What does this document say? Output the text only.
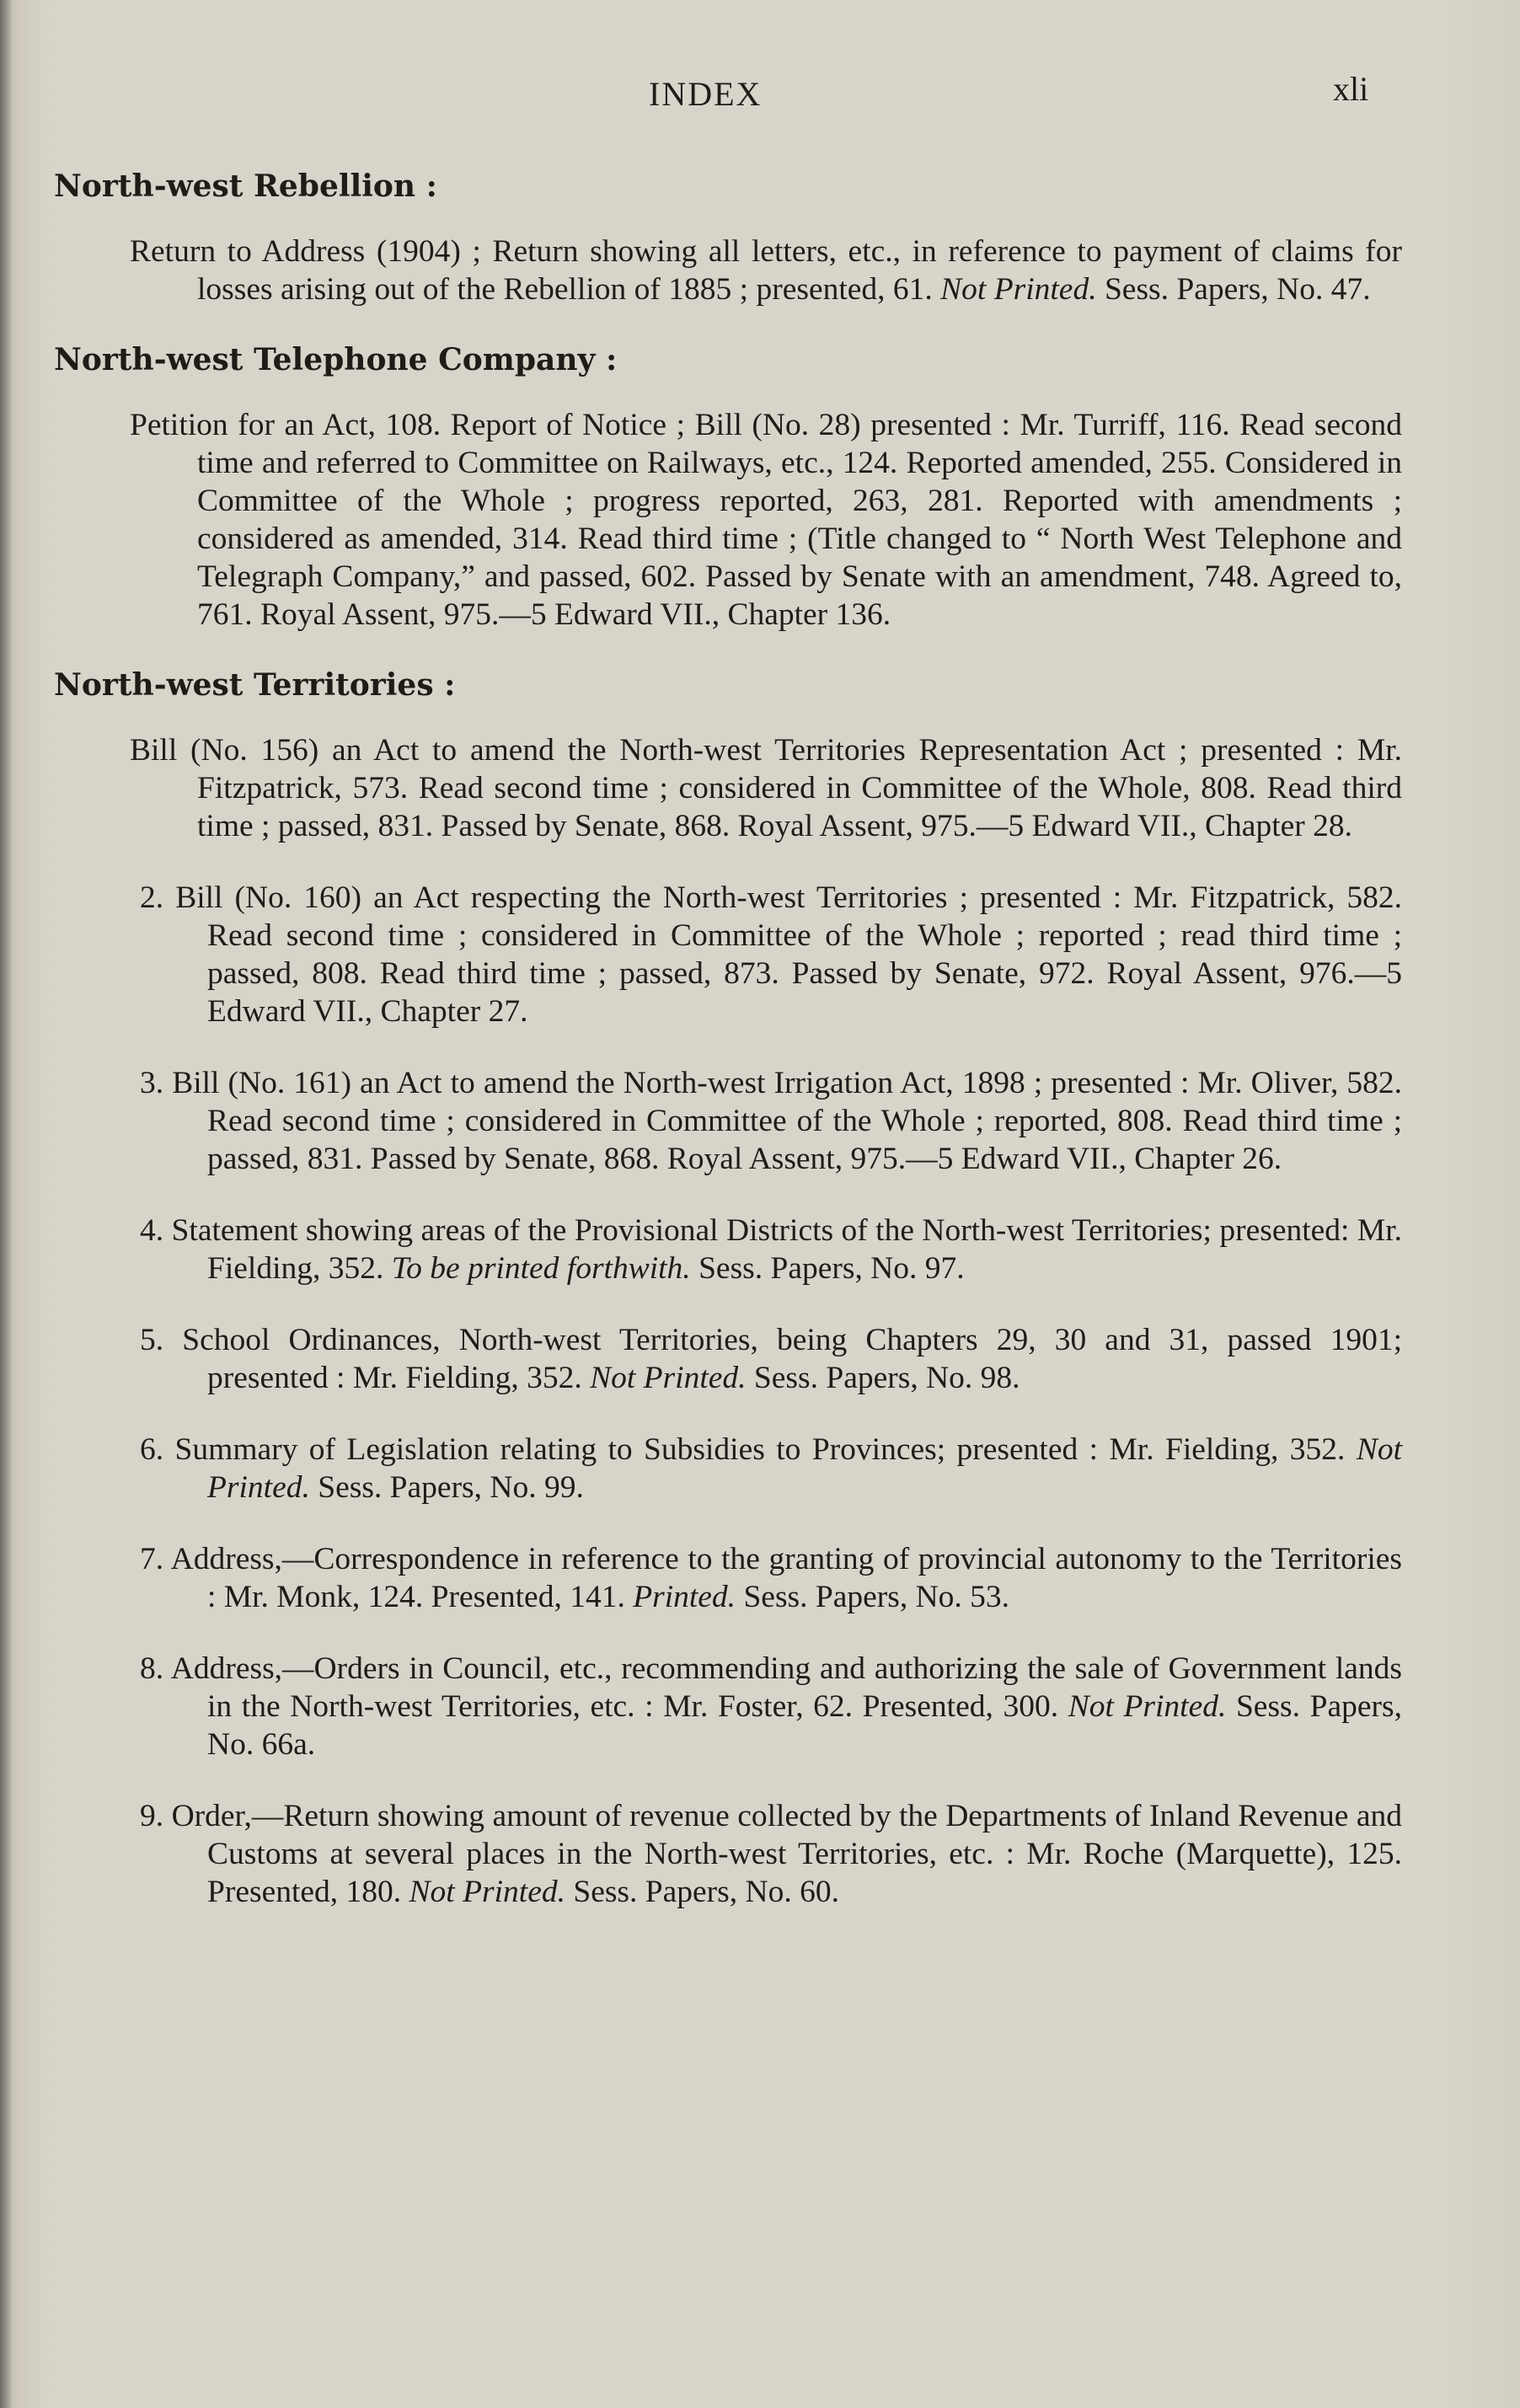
INDEX	xli
North-west Rebellion :
Return to Address (1904) ; Return showing all letters, etc., in reference to payment of claims for losses arising out of the Rebellion of 1885 ; presented, 61. Not Printed. Sess. Papers, No. 47.
North-west Telephone Company :
Petition for an Act, 108. Report of Notice ; Bill (No. 28) presented : Mr. Turriff, 116. Read second time and referred to Committee on Railways, etc., 124. Reported amended, 255. Considered in Committee of the Whole ; progress reported, 263, 281. Reported with amendments ; considered as amended, 314. Read third time ; (Title changed to “ North West Telephone and Telegraph Company,” and passed, 602. Passed by Senate with an amendment, 748. Agreed to, 761. Royal Assent, 975.—5 Edward VII., Chapter 136.
North-west Territories :
Bill (No. 156) an Act to amend the North-west Territories Representation Act ; presented : Mr. Fitzpatrick, 573. Read second time ; considered in Committee of the Whole, 808. Read third time ; passed, 831. Passed by Senate, 868. Royal Assent, 975.—5 Edward VII., Chapter 28.
2. Bill (No. 160) an Act respecting the North-west Territories ; presented : Mr. Fitzpatrick, 582. Read second time ; considered in Committee of the Whole ; reported ; read third time ; passed, 808. Read third time ; passed, 873. Passed by Senate, 972. Royal Assent, 976.—5 Edward VII., Chapter 27.
3. Bill (No. 161) an Act to amend the North-west Irrigation Act, 1898 ; presented : Mr. Oliver, 582. Read second time ; considered in Committee of the Whole ; reported, 808. Read third time ; passed, 831. Passed by Senate, 868. Royal Assent, 975.—5 Edward VII., Chapter 26.
4. Statement showing areas of the Provisional Districts of the North-west Territories; presented: Mr. Fielding, 352. To be printed forthwith. Sess. Papers, No. 97.
5. School Ordinances, North-west Territories, being Chapters 29, 30 and 31, passed 1901; presented : Mr. Fielding, 352. Not Printed. Sess. Papers, No. 98.
6. Summary of Legislation relating to Subsidies to Provinces; presented : Mr. Fielding, 352. Not Printed. Sess. Papers, No. 99.
7. Address,—Correspondence in reference to the granting of provincial autonomy to the Territories : Mr. Monk, 124. Presented, 141. Printed. Sess. Papers, No. 53.
8. Address,—Orders in Council, etc., recommending and authorizing the sale of Government lands in the North-west Territories, etc. : Mr. Foster, 62. Presented, 300. Not Printed. Sess. Papers, No. 66a.
9. Order,—Return showing amount of revenue collected by the Departments of Inland Revenue and Customs at several places in the North-west Territories, etc. : Mr. Roche (Marquette), 125. Presented, 180. Not Printed. Sess. Papers, No. 60.
